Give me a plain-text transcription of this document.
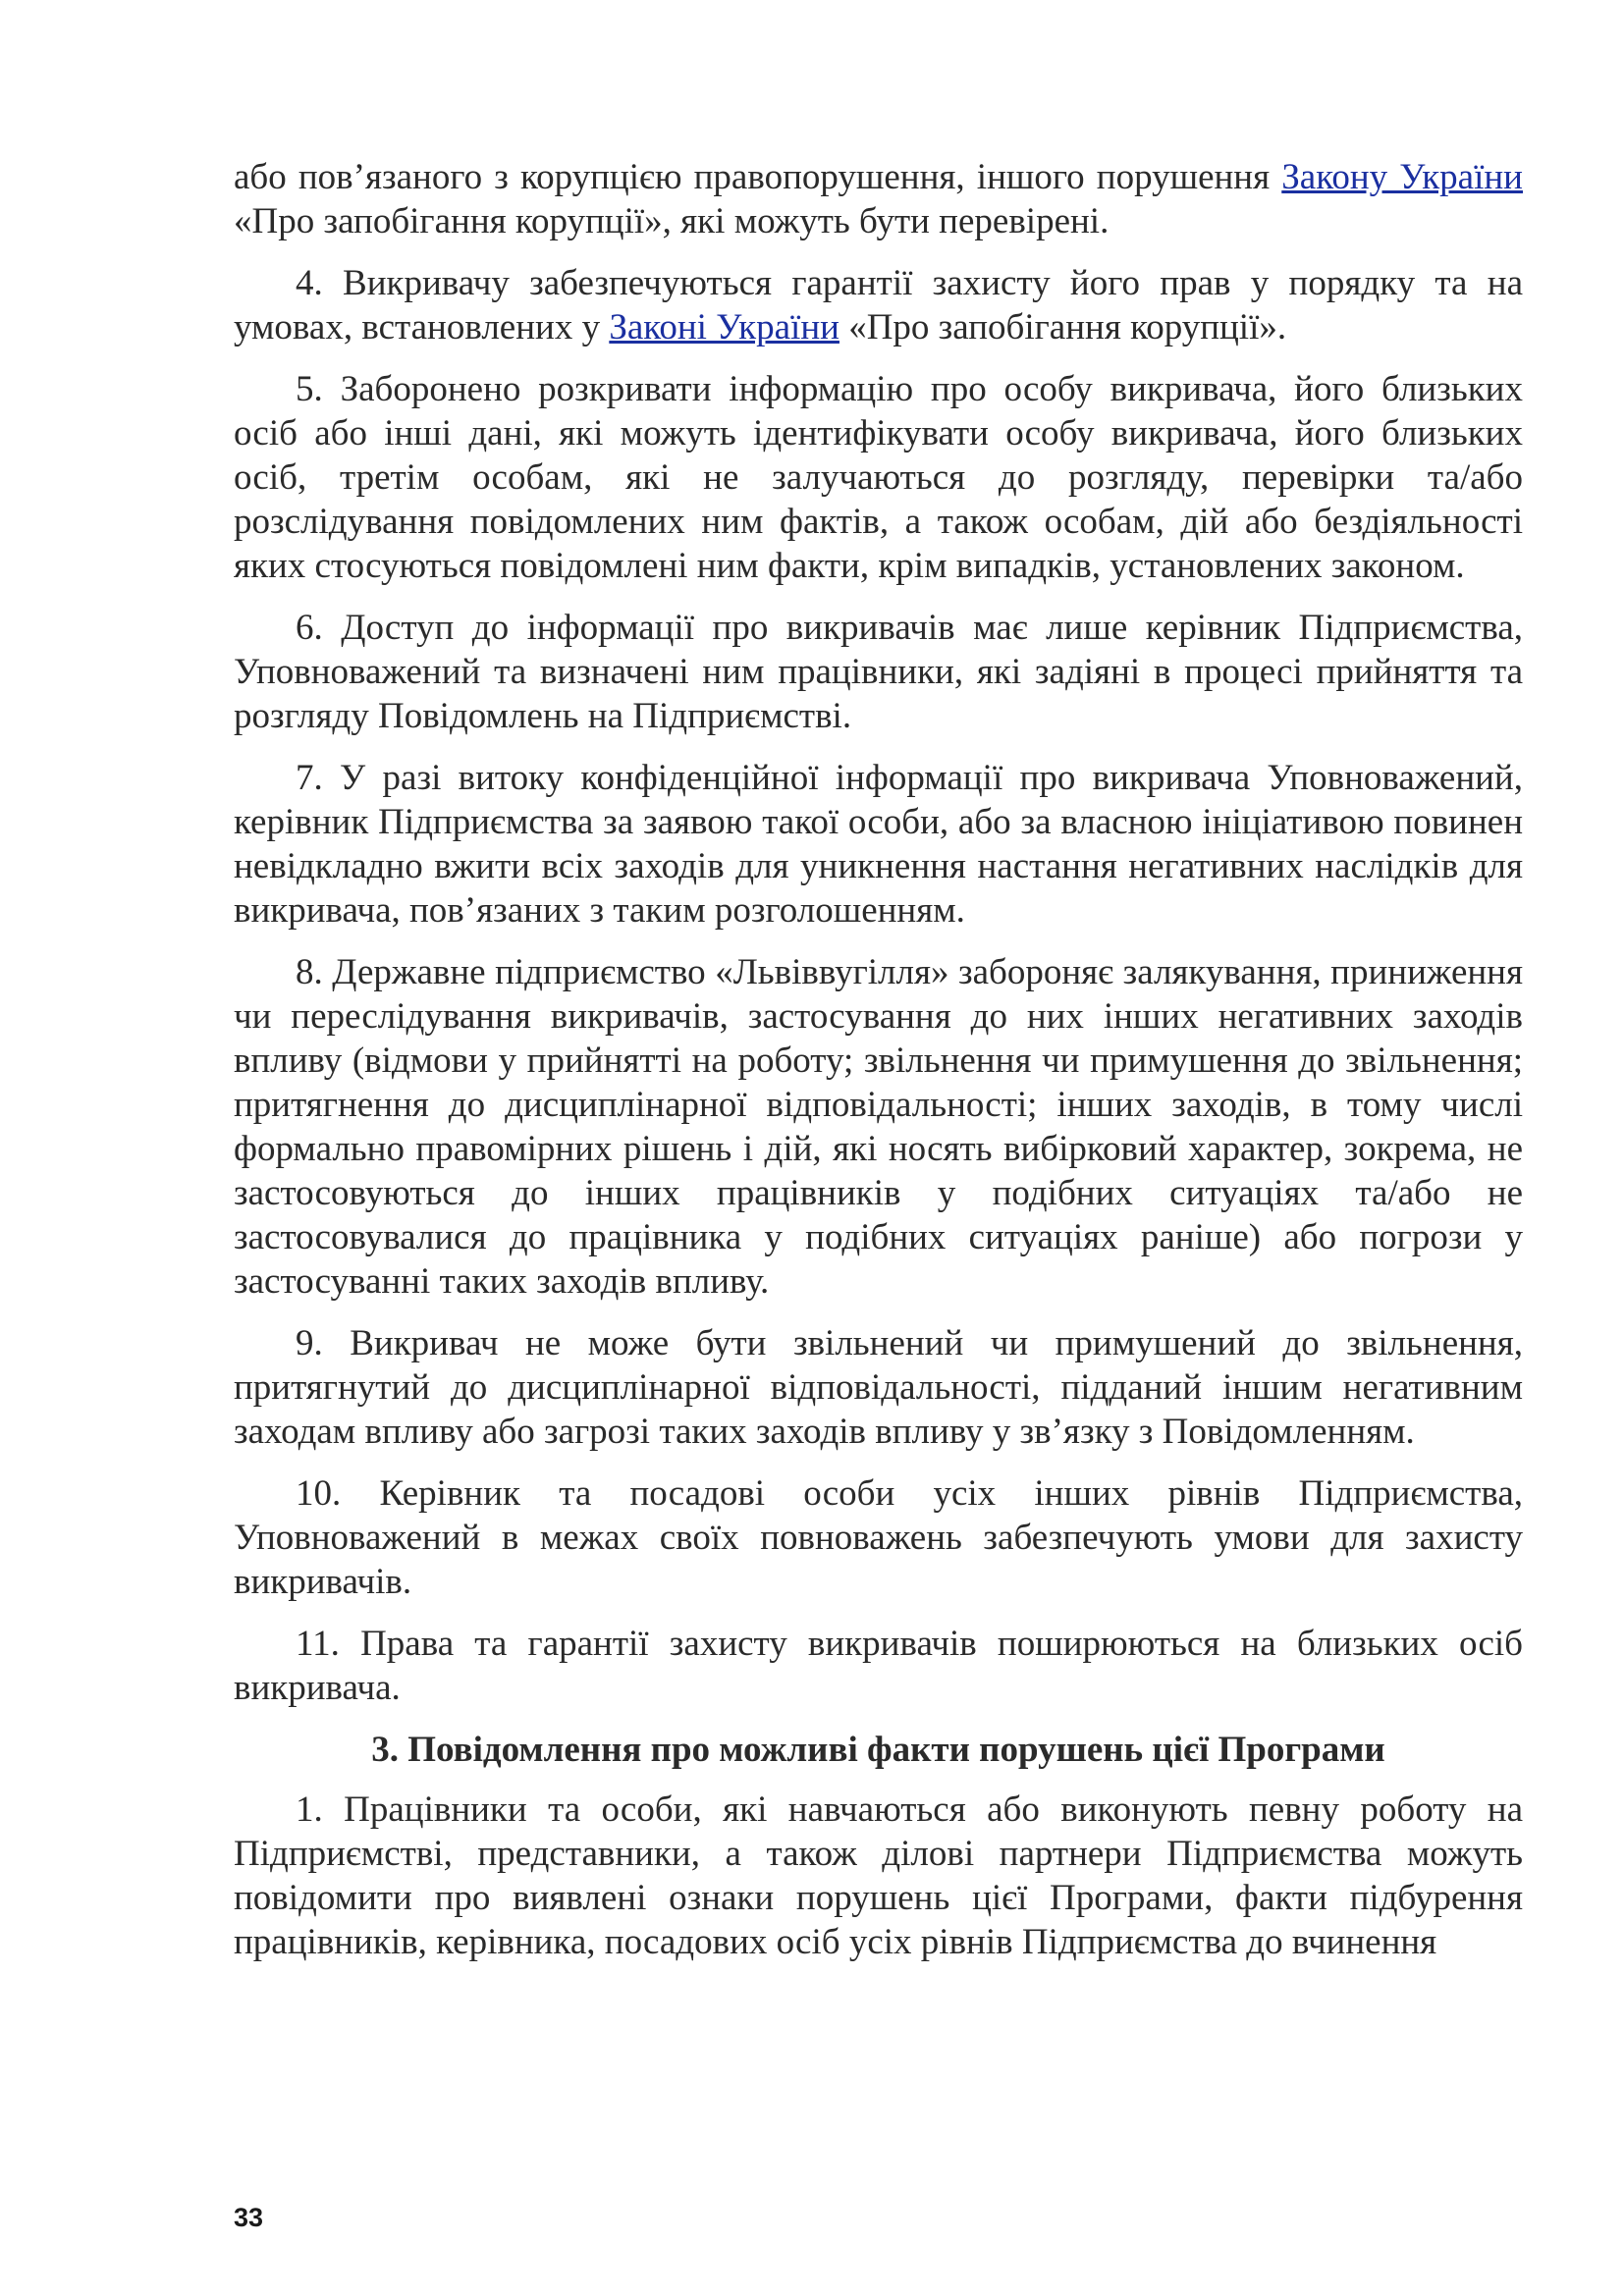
або пов’язаного з корупцією правопорушення, іншого порушення Закону України «Про запобігання корупції», які можуть бути перевірені.

4. Викривачу забезпечуються гарантії захисту його прав у порядку та на умовах, встановлених у Законі України «Про запобігання корупції».

5. Заборонено розкривати інформацію про особу викривача, його близьких осіб або інші дані, які можуть ідентифікувати особу викривача, його близьких осіб, третім особам, які не залучаються до розгляду, перевірки та/або розслідування повідомлених ним фактів, а також особам, дій або бездіяльності яких стосуються повідомлені ним факти, крім випадків, установлених законом.

6. Доступ до інформації про викривачів має лише керівник Підприємства, Уповноважений та визначені ним працівники, які задіяні в процесі прийняття та розгляду Повідомлень на Підприємстві.

7. У разі витоку конфіденційної інформації про викривача Уповноважений, керівник Підприємства за заявою такої особи, або за власною ініціативою повинен невідкладно вжити всіх заходів для уникнення настання негативних наслідків для викривача, пов’язаних з таким розголошенням.

8. Державне підприємство «Львіввугілля» забороняє залякування, приниження чи переслідування викривачів, застосування до них інших негативних заходів впливу (відмови у прийнятті на роботу; звільнення чи примушення до звільнення; притягнення до дисциплінарної відповідальності; інших заходів, в тому числі формально правомірних рішень і дій, які носять вибірковий характер, зокрема, не застосовуються до інших працівників у подібних ситуаціях та/або не застосовувалися до працівника у подібних ситуаціях раніше) або погрози у застосуванні таких заходів впливу.

9. Викривач не може бути звільнений чи примушений до звільнення, притягнутий до дисциплінарної відповідальності, підданий іншим негативним заходам впливу або загрозі таких заходів впливу у зв’язку з Повідомленням.

10. Керівник та посадові особи усіх інших рівнів Підприємства, Уповноважений в межах своїх повноважень забезпечують умови для захисту викривачів.

11. Права та гарантії захисту викривачів поширюються на близьких осіб викривача.

3. Повідомлення про можливі факти порушень цієї Програми

1. Працівники та особи, які навчаються або виконують певну роботу на Підприємстві, представники, а також ділові партнери Підприємства можуть повідомити про виявлені ознаки порушень цієї Програми, факти підбурення працівників, керівника, посадових осіб усіх рівнів Підприємства до вчинення

33
